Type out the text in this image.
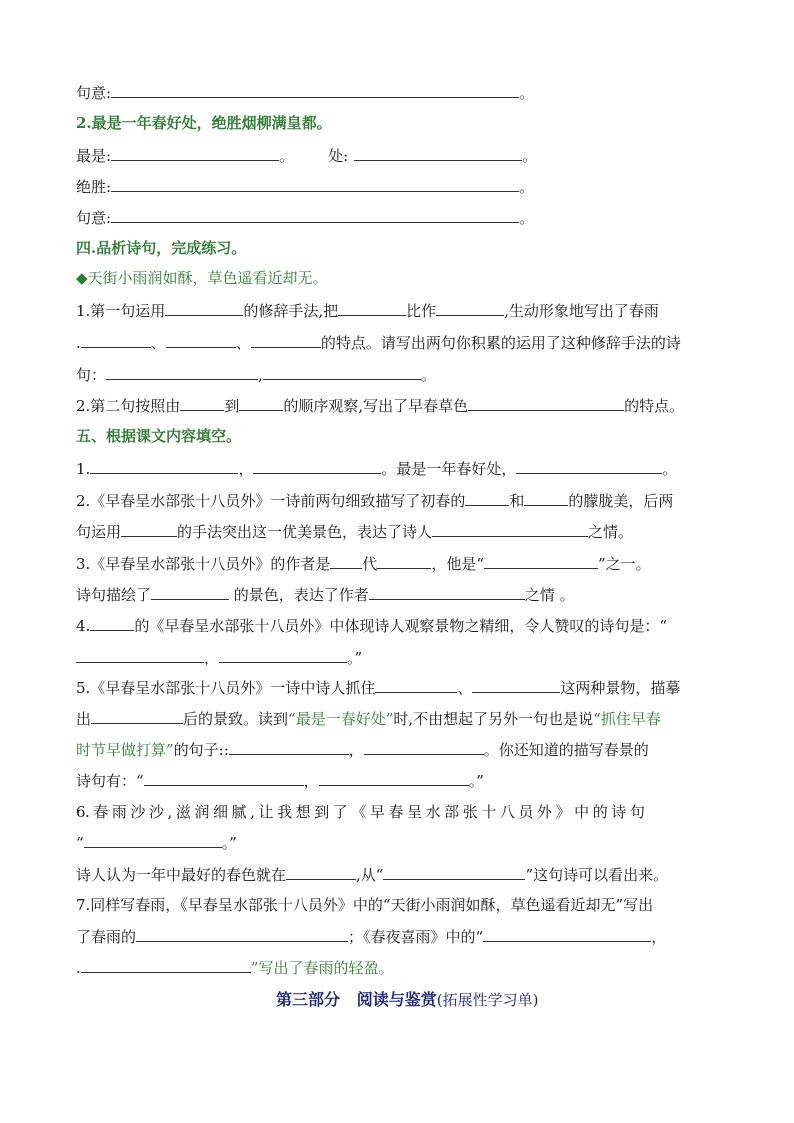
句意:	。
2.最是一年春好处，绝胜烟柳满皇都。
最是:	。 处:	。
绝胜:	。
句意:	。
四.品析诗句，完成练习。
◆天街小雨润如酥，草色遥看近却无。
1.第一句运用	的修辞手法,把	比作	,生动形象地写出了春雨
.	、	、	的特点。请写出两句你积累的运用了这种修辞手法的诗
句：	,	。
2.第二句按照由	到	的顺序观察,写出了早春草色	的特点。
五、根据课文内容填空。
1.	，	。最是一年春好处，	。
2.《早春呈水部张十八员外》一诗前两句细致描写了初春的	和	的朦胧美，后两
句运用	的手法突出这一优美景色，表达了诗人	之情。
3.《早春呈水部张十八员外》的作者是 代	，他是“	”之一。
诗句描绘了	的景色，表达了作者	之情 。
4.	的《早春呈水部张十八员外》中体现诗人观察景物之精细，令人赞叹的诗句是：“
，	。”
5.《早春呈水部张十八员外》一诗中诗人抓住	、	这两种景物，描摹
出	后的景致。读到“最是一春好处”时,不由想起了另外一句也是说“抓住早春
时节早做打算”的句子::	，	。你还知道的描写春景的
诗句有：“	，	。”
6. 春 雨 沙 沙 , 滋 润 细 腻 , 让 我 想 到 了 《 早 春 呈 水 部 张 十 八 员 外 》 中 的 诗 句
“	。”
诗人认为一年中最好的春色就在	,从“	”这句诗可以看出来。
7.同样写春雨，《早春呈水部张十八员外》中的“天街小雨润如酥，草色遥看近却无”写出
了春雨的	；《春夜喜雨》中的“	，
.	”写出了春雨的轻盈。
第三部分   阅读与鉴赏(拓展性学习单)
